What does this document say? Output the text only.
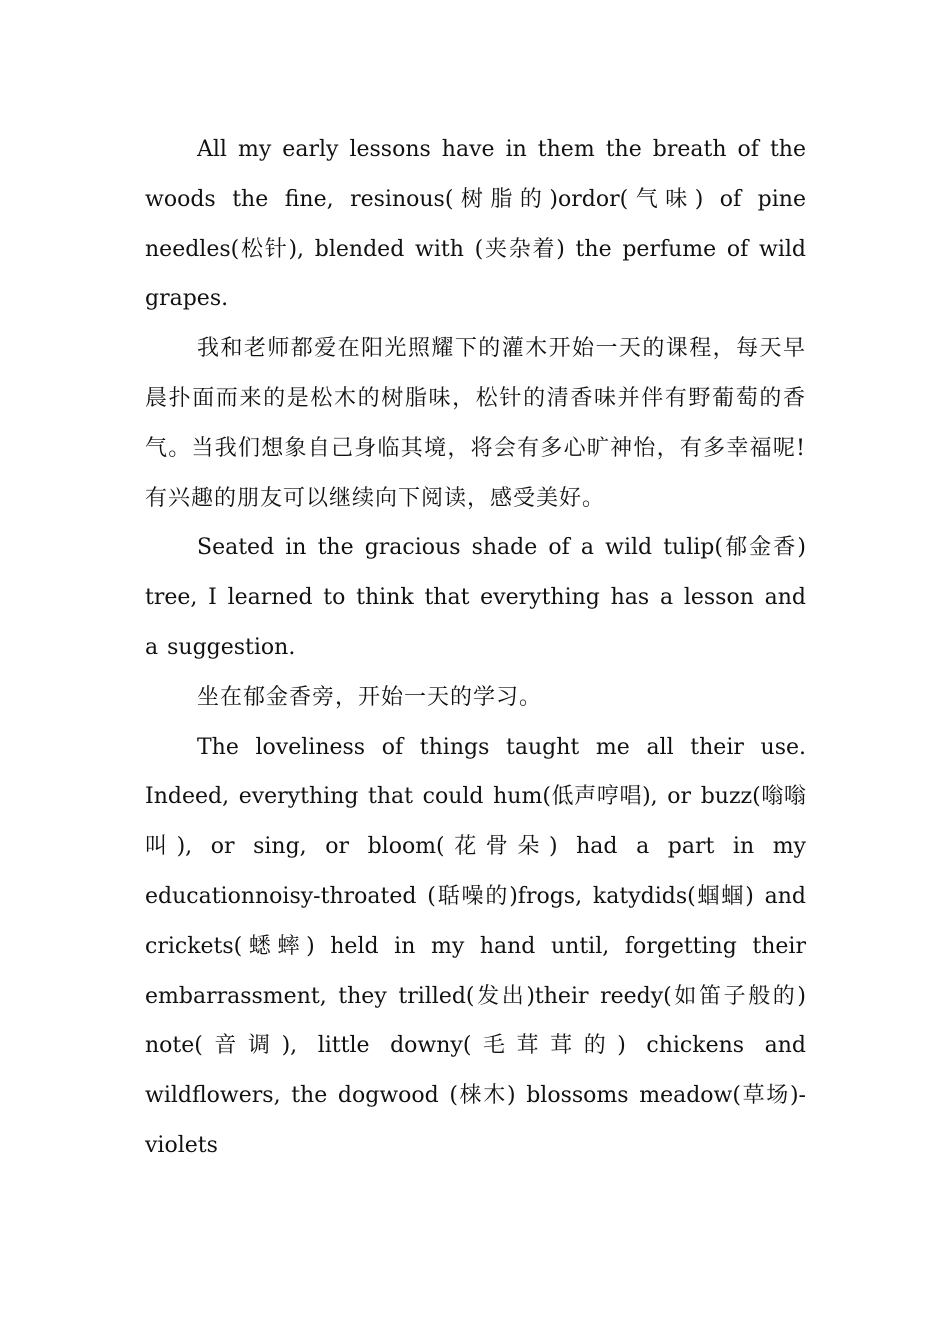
All my early lessons have in them the breath of the woods the fine, resinous(树脂的)ordor(气味) of pine needles(松针), blended with (夹杂着) the perfume of wild grapes.

我和老师都爱在阳光照耀下的灌木开始一天的课程，每天早晨扑面而来的是松木的树脂味，松针的清香味并伴有野葡萄的香气。当我们想象自己身临其境，将会有多心旷神怡，有多幸福呢!有兴趣的朋友可以继续向下阅读，感受美好。

Seated in the gracious shade of a wild tulip(郁金香) tree, I learned to think that everything has a lesson and a suggestion.

坐在郁金香旁，开始一天的学习。

The loveliness of things taught me all their use. Indeed, everything that could hum(低声哼唱), or buzz(嗡嗡叫), or sing, or bloom(花骨朵) had a part in my educationnoisy-throated (聒噪的)frogs, katydids(蝈蝈) and crickets(蟋蟀) held in my hand until, forgetting their embarrassment, they trilled(发出)their reedy(如笛子般的) note(音调), little downy(毛茸茸的) chickens and wildflowers, the dogwood (梾木) blossoms meadow(草场)-violets
